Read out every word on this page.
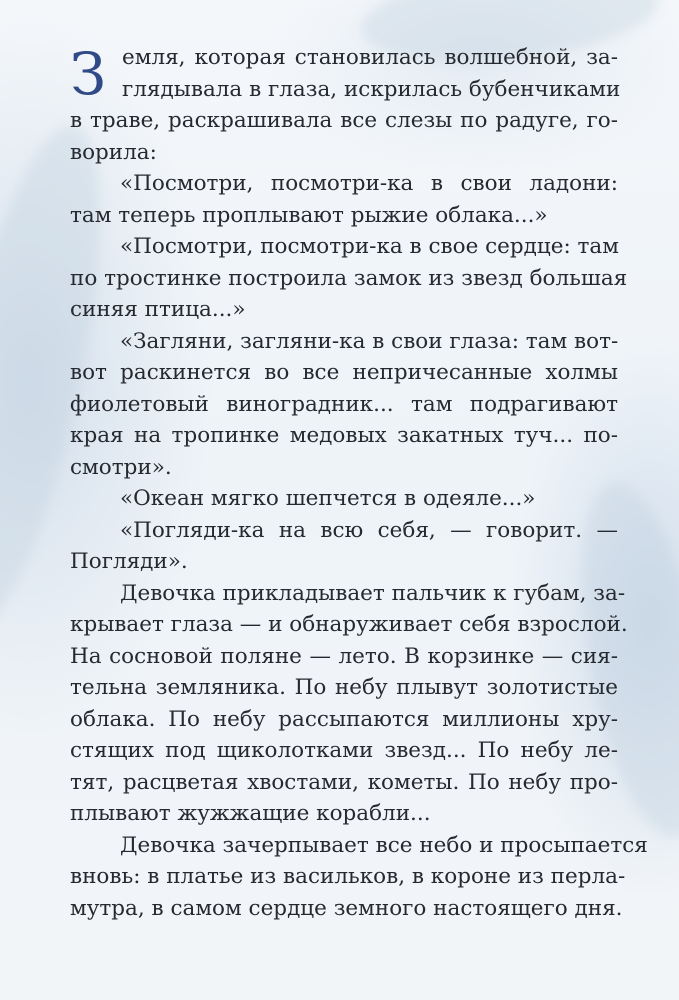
З емля, которая становилась волшебной, за-
глядывала в глаза, искрилась бубенчиками
в траве, раскрашивала все слезы по радуге, го-
ворила:
«Посмотри, посмотри-ка в свои ладони:
там теперь проплывают рыжие облака...»
«Посмотри, посмотри-ка в свое сердце: там
по тростинке построила замок из звезд большая
синяя птица...»
«Загляни, загляни-ка в свои глаза: там вот-
вот раскинется во все непричесанные холмы
фиолетовый виноградник... там подрагивают
края на тропинке медовых закатных туч... по-
смотри».
«Океан мягко шепчется в одеяле...»
«Погляди-ка на всю себя, — говорит. —
Погляди».
Девочка прикладывает пальчик к губам, за-
крывает глаза — и обнаруживает себя взрослой.
На сосновой поляне — лето. В корзинке — сия-
тельна земляника. По небу плывут золотистые
облака. По небу рассыпаются миллионы хру-
стящих под щиколотками звезд... По небу ле-
тят, расцветая хвостами, кометы. По небу про-
плывают жужжащие корабли...
Девочка зачерпывает все небо и просыпается
вновь: в платье из васильков, в короне из перла-
мутра, в самом сердце земного настоящего дня.
